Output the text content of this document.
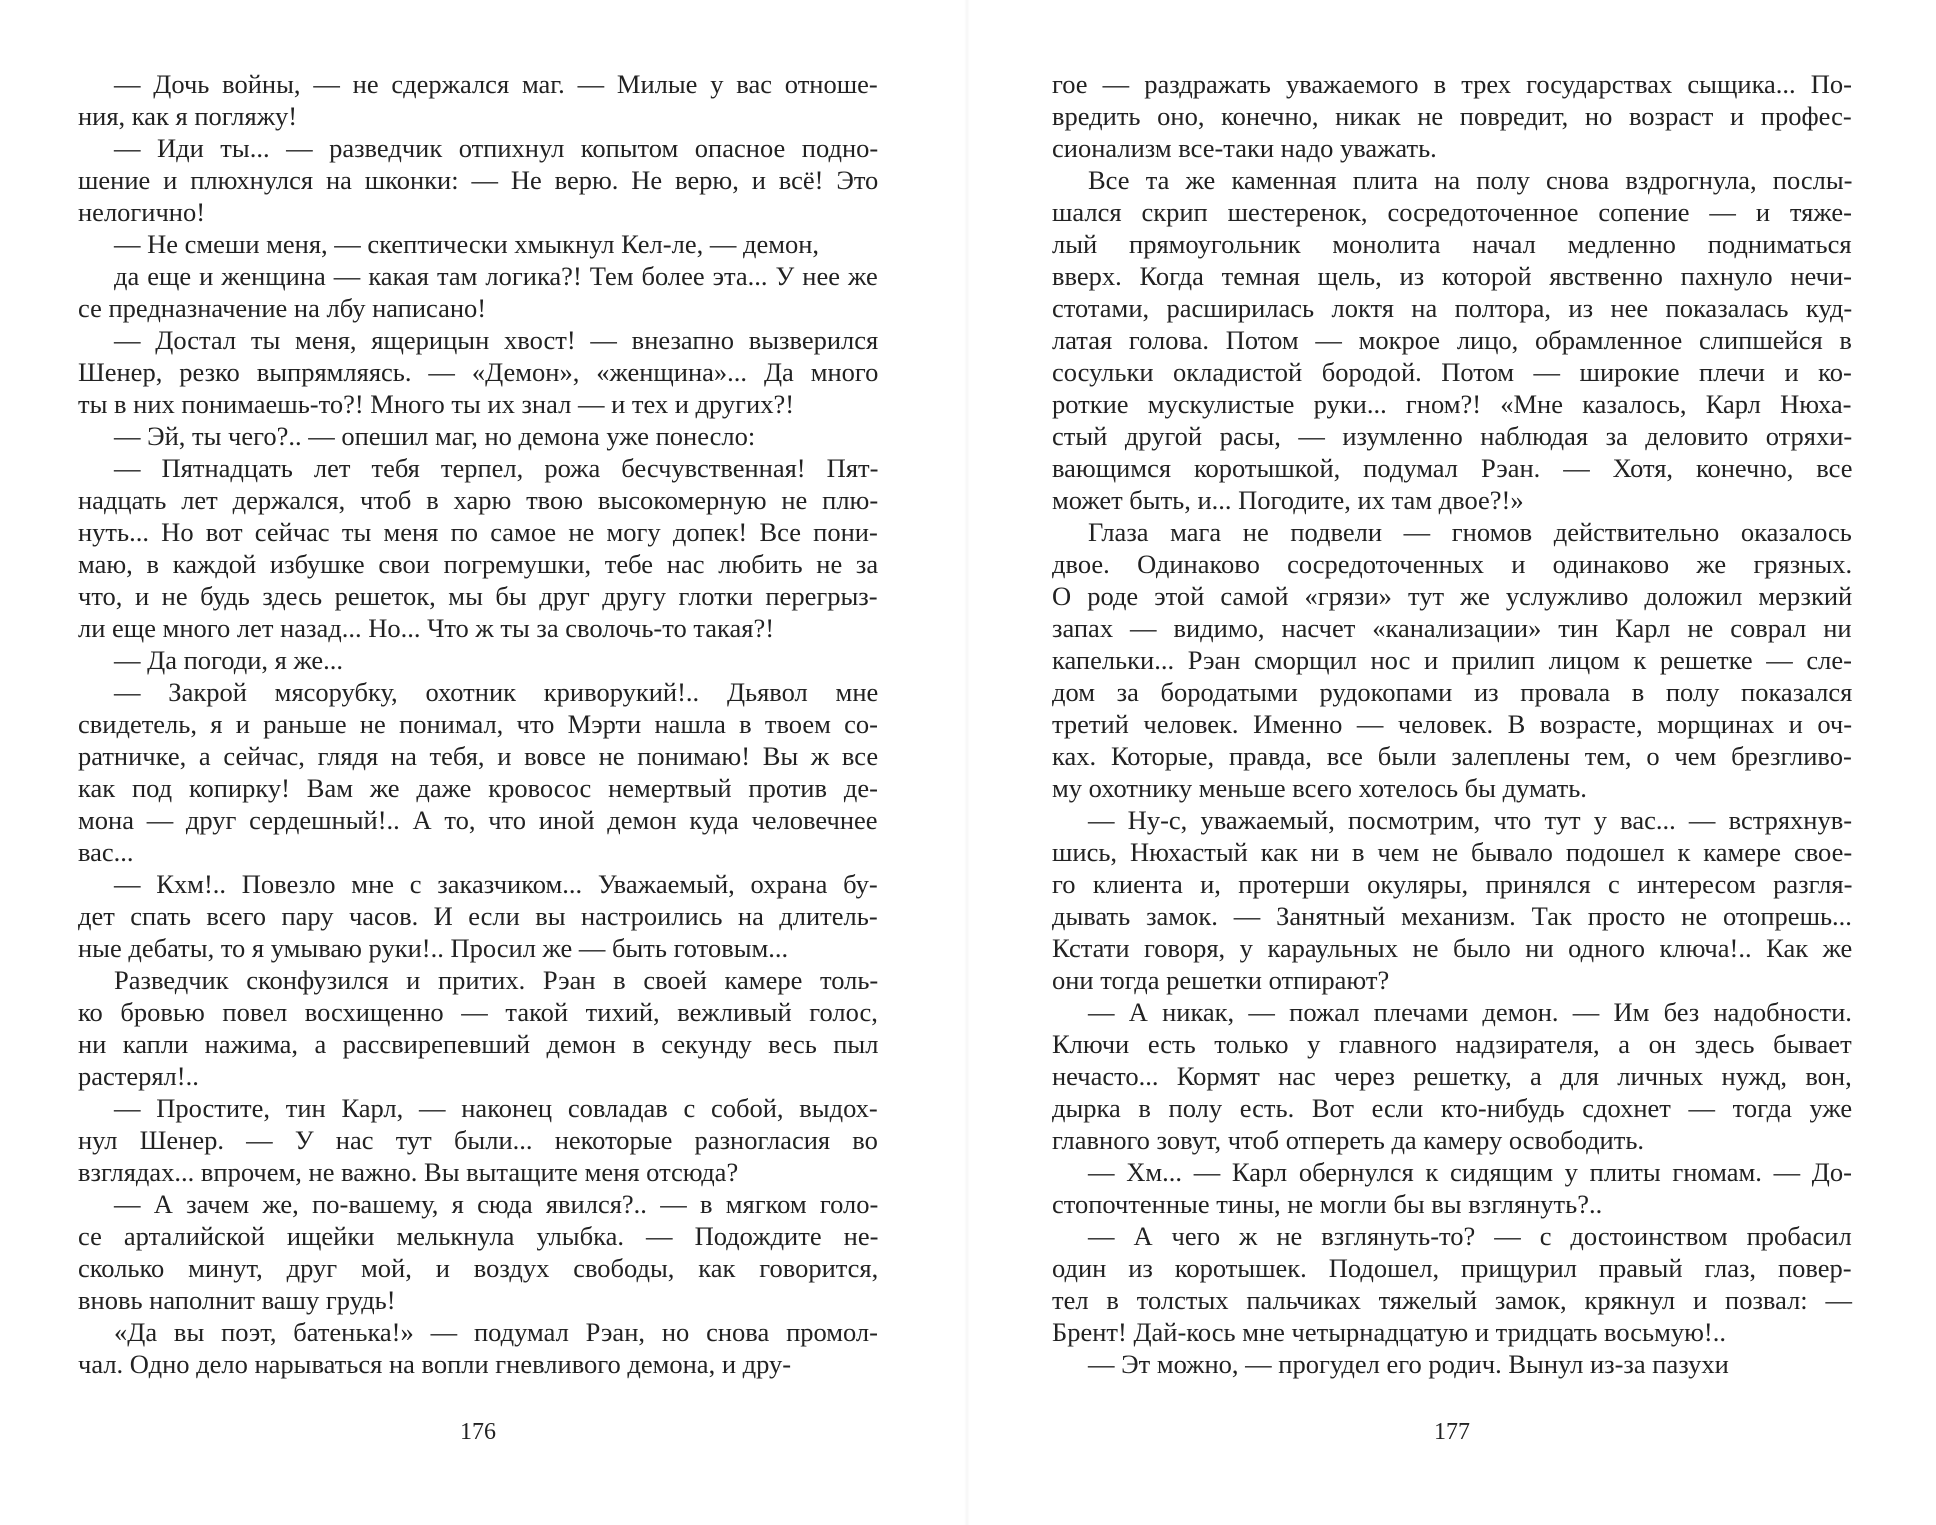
— Дочь войны, — не сдержался маг. — Милые у вас отноше-
ния, как я погляжу!
— Иди ты... — разведчик отпихнул копытом опасное подно-
шение и плюхнулся на шконки: — Не верю. Не верю, и всё! Это
нелогично!
— Не смеши меня, — скептически хмыкнул Кел-ле, — демон,
да еще и женщина — какая там логика?! Тем более эта... У нее же
се предназначение на лбу написано!
— Достал ты меня, ящерицын хвост! — внезапно вызверился
Шенер, резко выпрямляясь. — «Демон», «женщина»... Да много
ты в них понимаешь-то?! Много ты их знал — и тех и других?!
— Эй, ты чего?.. — опешил маг, но демона уже понесло:
— Пятнадцать лет тебя терпел, рожа бесчувственная! Пят-
надцать лет держался, чтоб в харю твою высокомерную не плю-
нуть... Но вот сейчас ты меня по самое не могу допек! Все пони-
маю, в каждой избушке свои погремушки, тебе нас любить не за
что, и не будь здесь решеток, мы бы друг другу глотки перегрыз-
ли еще много лет назад... Но... Что ж ты за сволочь-то такая?!
— Да погоди, я же...
— Закрой мясорубку, охотник криворукий!.. Дьявол мне
свидетель, я и раньше не понимал, что Мэрти нашла в твоем со-
ратничке, а сейчас, глядя на тебя, и вовсе не понимаю! Вы ж все
как под копирку! Вам же даже кровосос немертвый против де-
мона — друг сердешный!.. А то, что иной демон куда человечнее
вас...
— Кхм!.. Повезло мне с заказчиком... Уважаемый, охрана бу-
дет спать всего пару часов. И если вы настроились на длитель-
ные дебаты, то я умываю руки!.. Просил же — быть готовым...
Разведчик сконфузился и притих. Рэан в своей камере толь-
ко бровью повел восхищенно — такой тихий, вежливый голос,
ни капли нажима, а рассвирепевший демон в секунду весь пыл
растерял!..
— Простите, тин Карл, — наконец совладав с собой, выдох-
нул Шенер. — У нас тут были... некоторые разногласия во
взглядах... впрочем, не важно. Вы вытащите меня отсюда?
— А зачем же, по-вашему, я сюда явился?.. — в мягком голо-
се арталийской ищейки мелькнула улыбка. — Подождите не-
сколько минут, друг мой, и воздух свободы, как говорится,
вновь наполнит вашу грудь!
«Да вы поэт, батенька!» — подумал Рэан, но снова промол-
чал. Одно дело нарываться на вопли гневливого демона, и дру-
176
гое — раздражать уважаемого в трех государствах сыщика... По-
вредить оно, конечно, никак не повредит, но возраст и профес-
сионализм все-таки надо уважать.
Все та же каменная плита на полу снова вздрогнула, послы-
шался скрип шестеренок, сосредоточенное сопение — и тяже-
лый прямоугольник монолита начал медленно подниматься
вверх. Когда темная щель, из которой явственно пахнуло нечи-
стотами, расширилась локтя на полтора, из нее показалась куд-
латая голова. Потом — мокрое лицо, обрамленное слипшейся в
сосульки окладистой бородой. Потом — широкие плечи и ко-
роткие мускулистые руки... гном?! «Мне казалось, Карл Нюха-
стый другой расы, — изумленно наблюдая за деловито отряхи-
вающимся коротышкой, подумал Рэан. — Хотя, конечно, все
может быть, и... Погодите, их там двое?!»
Глаза мага не подвели — гномов действительно оказалось
двое. Одинаково сосредоточенных и одинаково же грязных.
О роде этой самой «грязи» тут же услужливо доложил мерзкий
запах — видимо, насчет «канализации» тин Карл не соврал ни
капельки... Рэан сморщил нос и прилип лицом к решетке — сле-
дом за бородатыми рудокопами из провала в полу показался
третий человек. Именно — человек. В возрасте, морщинах и оч-
ках. Которые, правда, все были залеплены тем, о чем брезгливо-
му охотнику меньше всего хотелось бы думать.
— Ну-с, уважаемый, посмотрим, что тут у вас... — встряхнув-
шись, Нюхастый как ни в чем не бывало подошел к камере свое-
го клиента и, протерши окуляры, принялся с интересом разгля-
дывать замок. — Занятный механизм. Так просто не отопрешь...
Кстати говоря, у караульных не было ни одного ключа!.. Как же
они тогда решетки отпирают?
— А никак, — пожал плечами демон. — Им без надобности.
Ключи есть только у главного надзирателя, а он здесь бывает
нечасто... Кормят нас через решетку, а для личных нужд, вон,
дырка в полу есть. Вот если кто-нибудь сдохнет — тогда уже
главного зовут, чтоб отпереть да камеру освободить.
— Хм... — Карл обернулся к сидящим у плиты гномам. — До-
стопочтенные тины, не могли бы вы взглянуть?..
— А чего ж не взглянуть-то? — с достоинством пробасил
один из коротышек. Подошел, прищурил правый глаз, повер-
тел в толстых пальчиках тяжелый замок, крякнул и позвал: —
Брент! Дай-кось мне четырнадцатую и тридцать восьмую!..
— Эт можно, — прогудел его родич. Вынул из-за пазухи
177
